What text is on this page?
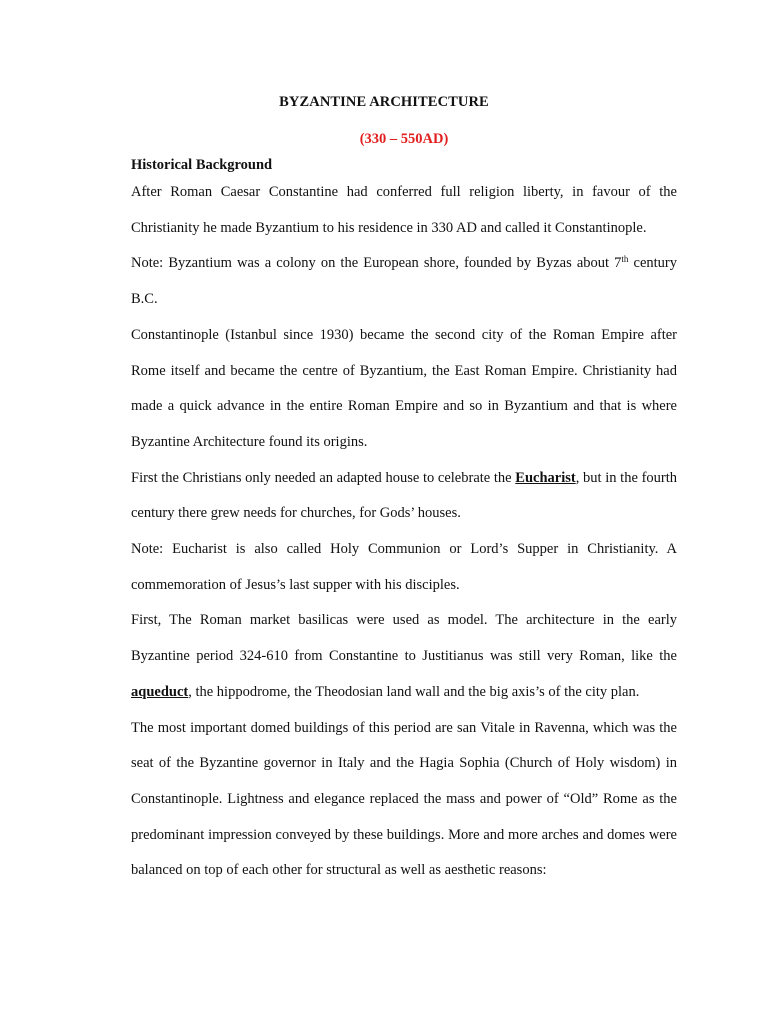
BYZANTINE ARCHITECTURE
(330 – 550AD)
Historical Background

After Roman Caesar Constantine had conferred full religion liberty, in favour of the Christianity he made Byzantium to his residence in 330 AD and called it Constantinople.

Note: Byzantium was a colony on the European shore, founded by Byzas about 7th century B.C.

Constantinople (Istanbul since 1930) became the second city of the Roman Empire after Rome itself and became the centre of Byzantium, the East Roman Empire. Christianity had made a quick advance in the entire Roman Empire and so in Byzantium and that is where Byzantine Architecture found its origins.

First the Christians only needed an adapted house to celebrate the Eucharist, but in the fourth century there grew needs for churches, for Gods’ houses.

Note: Eucharist is also called Holy Communion or Lord’s Supper in Christianity. A commemoration of Jesus’s last supper with his disciples.

First, The Roman market basilicas were used as model. The architecture in the early Byzantine period 324-610 from Constantine to Justitianus was still very Roman, like the aqueduct, the hippodrome, the Theodosian land wall and the big axis’s of the city plan.

The most important domed buildings of this period are san Vitale in Ravenna, which was the seat of the Byzantine governor in Italy and the Hagia Sophia (Church of Holy wisdom) in Constantinople. Lightness and elegance replaced the mass and power of “Old” Rome as the predominant impression conveyed by these buildings. More and more arches and domes were balanced on top of each other for structural as well as aesthetic reasons:
